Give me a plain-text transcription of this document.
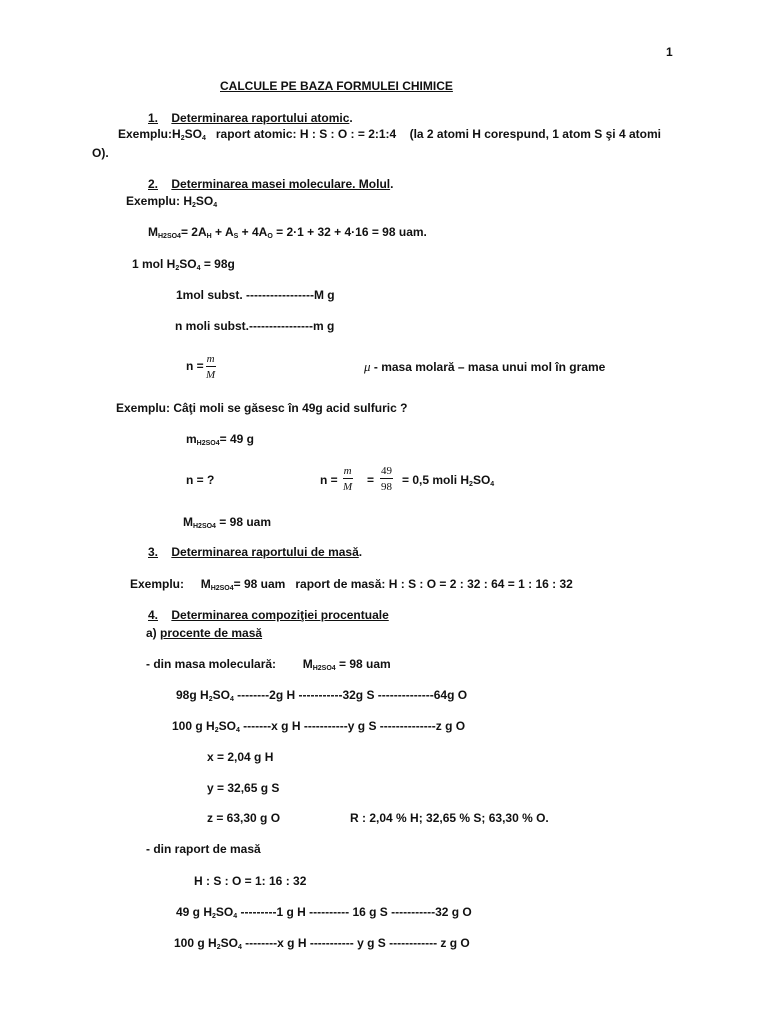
1
CALCULE PE BAZA FORMULEI CHIMICE
1. Determinarea raportului atomic.
$Exemplu:H_2SO_4$ raport atomic: H : S : O : = 2:1:4 (la 2 atomi H corespund, 1 atom S şi 4 atomi
O).
2. Determinarea masei moleculare. Molul.
Exemplu: $H_2SO_4$
$M_{H2SO4}= 2A_H + A_S + 4A_O = 2\cdot 1 + 32 + 4\cdot 16 = 98$ uam.
1 mol $H_2SO_4 = 98g$
1mol subst. -----------------M g
n moli subst.----------------m g
$n = \frac{m}{M}$	μ - masa molară – masa unui mol în grame
Exemplu: Câţi moli se găsesc în 49g acid sulfuric ?
$m_{H2SO4}= 49$ g
n = ?	$n = \frac{m}{M} = \frac{49}{98} = 0,5$ moli $H_2SO_4$
$M_{H2SO4} = 98$ uam
3. Determinarea raportului de masă.
Exemplu: $M_{H2SO4}= 98$ uam raport de masă: H : S : O = 2 : 32 : 64 = 1 : 16 : 32
4. Determinarea compoziţiei procentuale
a) procente de masă
- din masa moleculară: $M_{H2SO4} = 98$ uam
98g $H_2SO_4$ --------2g H -----------32g S --------------64g O
100 g $H_2SO_4$ -------x g H -----------y g S --------------z g O
x = 2,04 g H
y = 32,65 g S
z = 63,30 g O	R : 2,04 % H; 32,65 % S; 63,30 % O.
- din raport de masă
H : S : O = 1: 16 : 32
49 g $H_2SO_4$ ---------1 g H ---------- 16 g S -----------32 g O
100 g $H_2SO_4$ --------x g H ----------- y g S ------------ z g O
